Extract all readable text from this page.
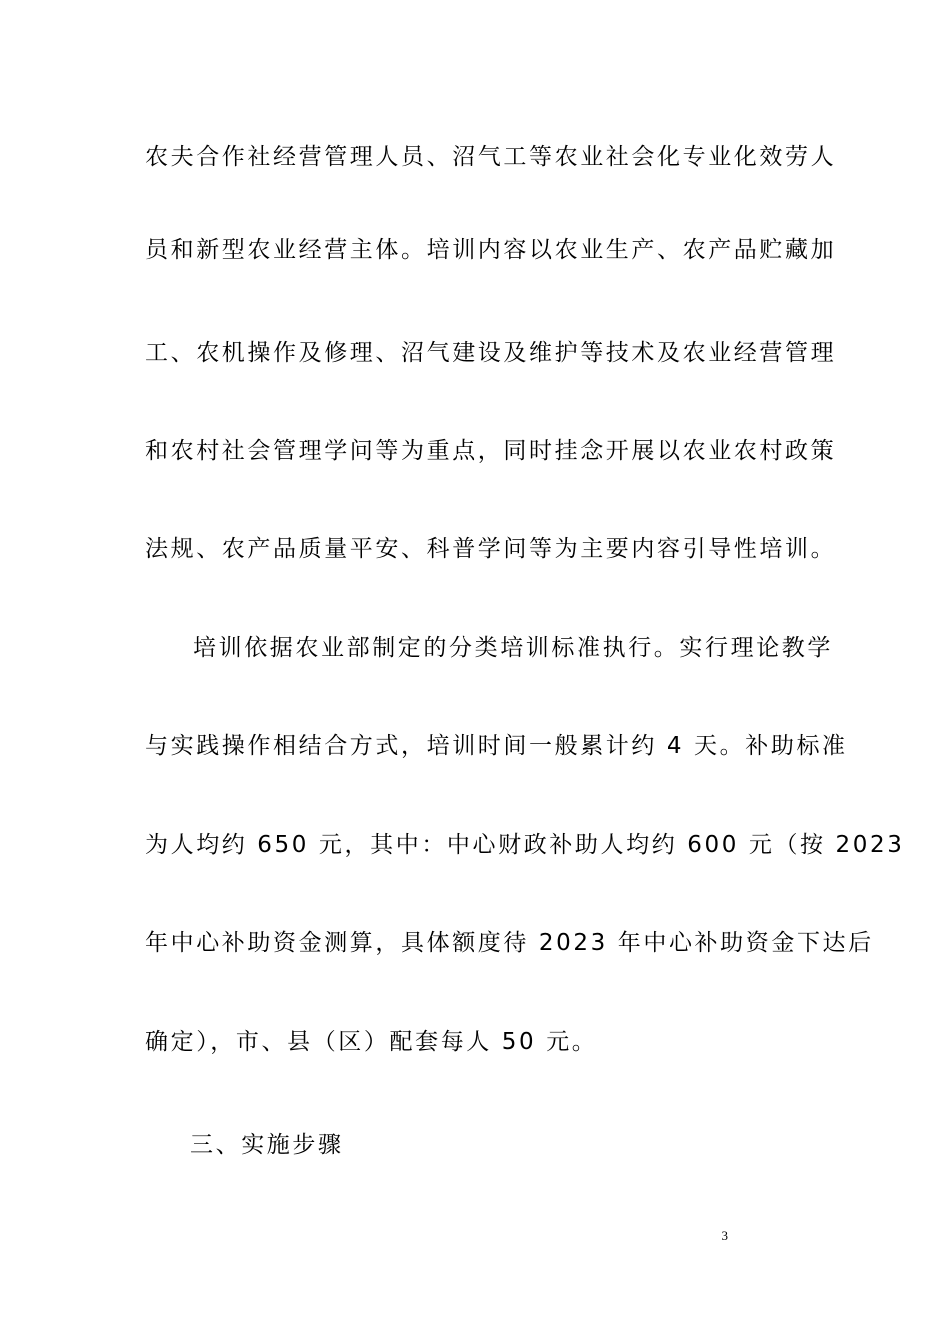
农夫合作社经营管理人员、沼气工等农业社会化专业化效劳人
员和新型农业经营主体。培训内容以农业生产、农产品贮藏加
工、农机操作及修理、沼气建设及维护等技术及农业经营管理
和农村社会管理学问等为重点，同时挂念开展以农业农村政策
法规、农产品质量平安、科普学问等为主要内容引导性培训。
培训依据农业部制定的分类培训标准执行。实行理论教学
与实践操作相结合方式，培训时间一般累计约 4 天。补助标准
为人均约 650 元，其中：中心财政补助人均约 600 元（按 2023
年中心补助资金测算，具体额度待 2023 年中心补助资金下达后
确定），市、县（区）配套每人 50 元。
三、实施步骤
3
